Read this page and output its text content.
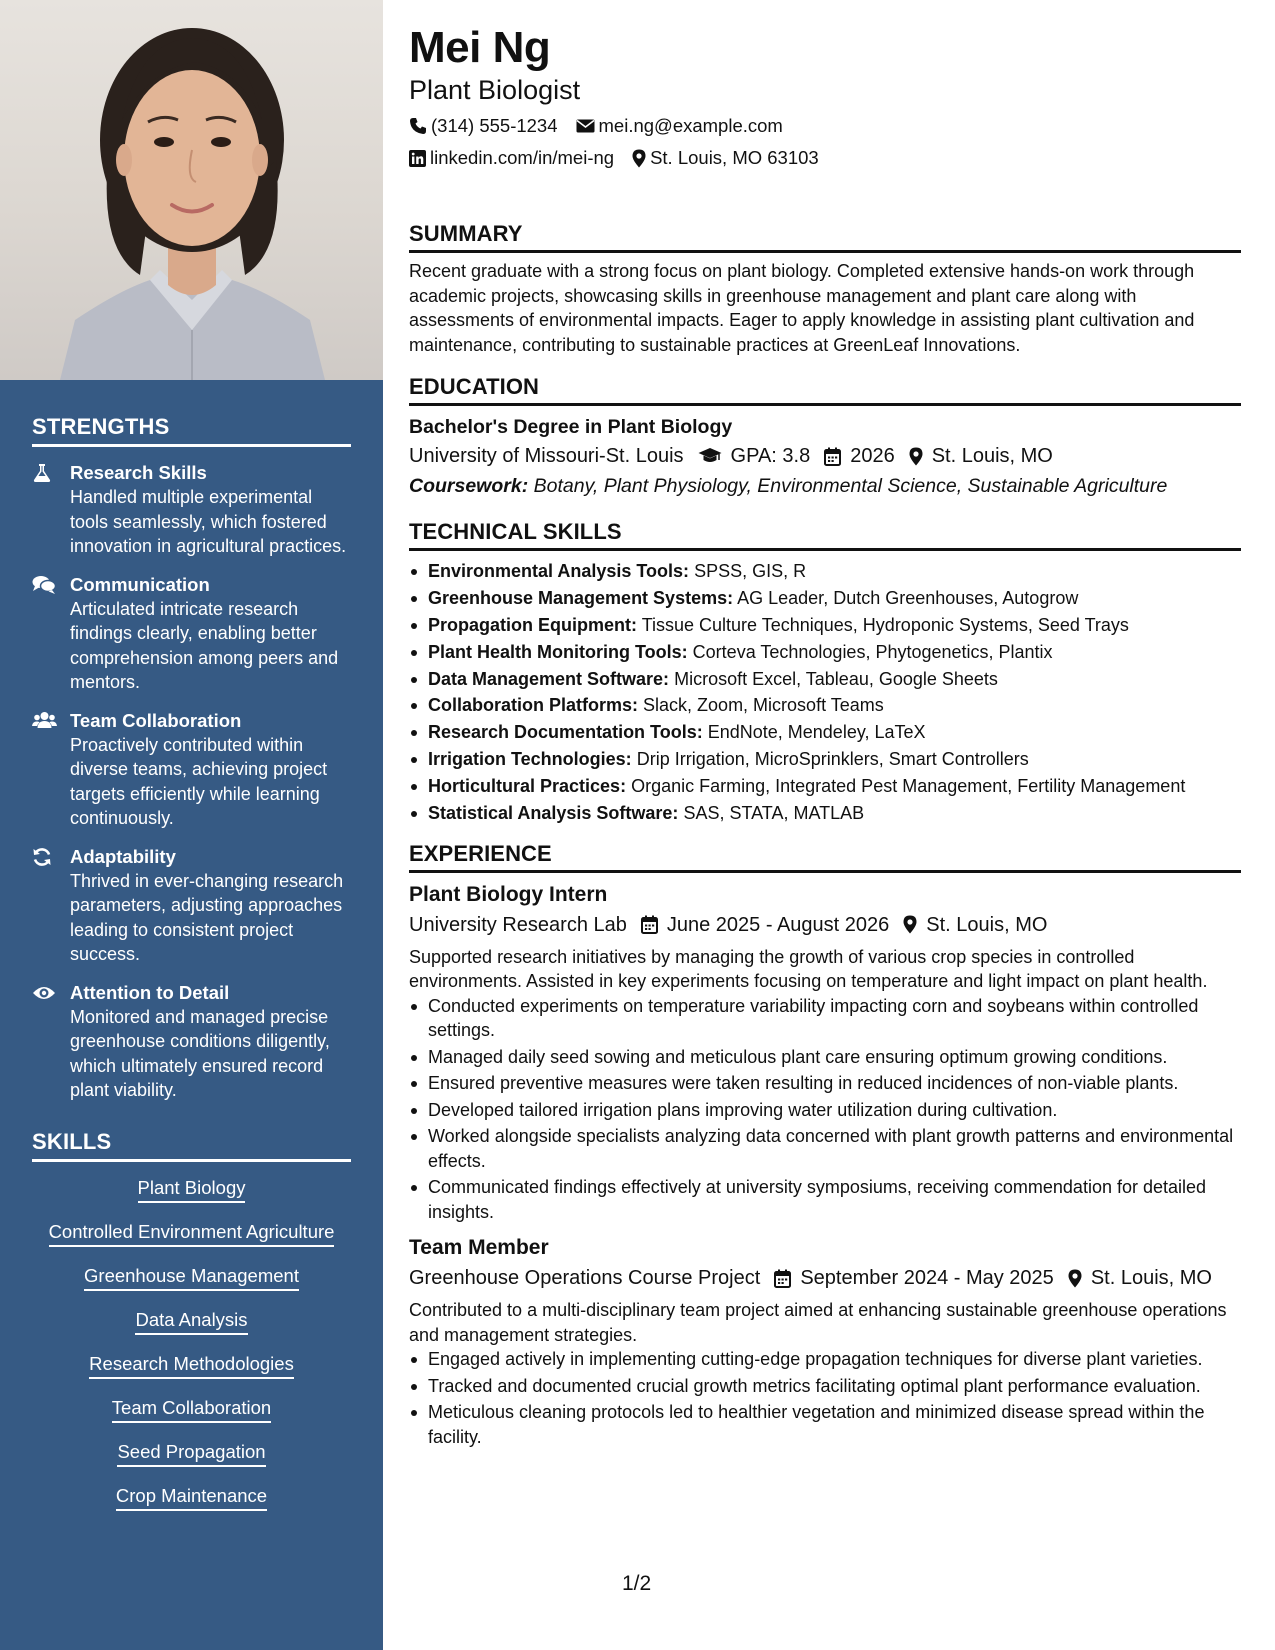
STRENGTHS
Research Skills
Handled multiple experimental tools seamlessly, which fostered innovation in agricultural practices.
Communication
Articulated intricate research findings clearly, enabling better comprehension among peers and mentors.
Team Collaboration
Proactively contributed within diverse teams, achieving project targets efficiently while learning continuously.
Adaptability
Thrived in ever-changing research parameters, adjusting approaches leading to consistent project success.
Attention to Detail
Monitored and managed precise greenhouse conditions diligently, which ultimately ensured record plant viability.
SKILLS
Plant Biology
Controlled Environment Agriculture
Greenhouse Management
Data Analysis
Research Methodologies
Team Collaboration
Seed Propagation
Crop Maintenance
Mei Ng
Plant Biologist
(314) 555-1234 mei.ng@example.com
linkedin.com/in/mei-ng St. Louis, MO 63103
SUMMARY
Recent graduate with a strong focus on plant biology. Completed extensive hands-on work through academic projects, showcasing skills in greenhouse management and plant care along with assessments of environmental impacts. Eager to apply knowledge in assisting plant cultivation and maintenance, contributing to sustainable practices at GreenLeaf Innovations.
EDUCATION
Bachelor's Degree in Plant Biology
University of Missouri-St. Louis GPA: 3.8 2026 St. Louis, MO
Coursework: Botany, Plant Physiology, Environmental Science, Sustainable Agriculture
TECHNICAL SKILLS
Environmental Analysis Tools: SPSS, GIS, R
Greenhouse Management Systems: AG Leader, Dutch Greenhouses, Autogrow
Propagation Equipment: Tissue Culture Techniques, Hydroponic Systems, Seed Trays
Plant Health Monitoring Tools: Corteva Technologies, Phytogenetics, Plantix
Data Management Software: Microsoft Excel, Tableau, Google Sheets
Collaboration Platforms: Slack, Zoom, Microsoft Teams
Research Documentation Tools: EndNote, Mendeley, LaTeX
Irrigation Technologies: Drip Irrigation, MicroSprinklers, Smart Controllers
Horticultural Practices: Organic Farming, Integrated Pest Management, Fertility Management
Statistical Analysis Software: SAS, STATA, MATLAB
EXPERIENCE
Plant Biology Intern
University Research Lab June 2025 - August 2026 St. Louis, MO
Supported research initiatives by managing the growth of various crop species in controlled environments. Assisted in key experiments focusing on temperature and light impact on plant health.
Conducted experiments on temperature variability impacting corn and soybeans within controlled settings.
Managed daily seed sowing and meticulous plant care ensuring optimum growing conditions.
Ensured preventive measures were taken resulting in reduced incidences of non-viable plants.
Developed tailored irrigation plans improving water utilization during cultivation.
Worked alongside specialists analyzing data concerned with plant growth patterns and environmental effects.
Communicated findings effectively at university symposiums, receiving commendation for detailed insights.
Team Member
Greenhouse Operations Course Project September 2024 - May 2025 St. Louis, MO
Contributed to a multi-disciplinary team project aimed at enhancing sustainable greenhouse operations and management strategies.
Engaged actively in implementing cutting-edge propagation techniques for diverse plant varieties.
Tracked and documented crucial growth metrics facilitating optimal plant performance evaluation.
Meticulous cleaning protocols led to healthier vegetation and minimized disease spread within the facility.
1/2
